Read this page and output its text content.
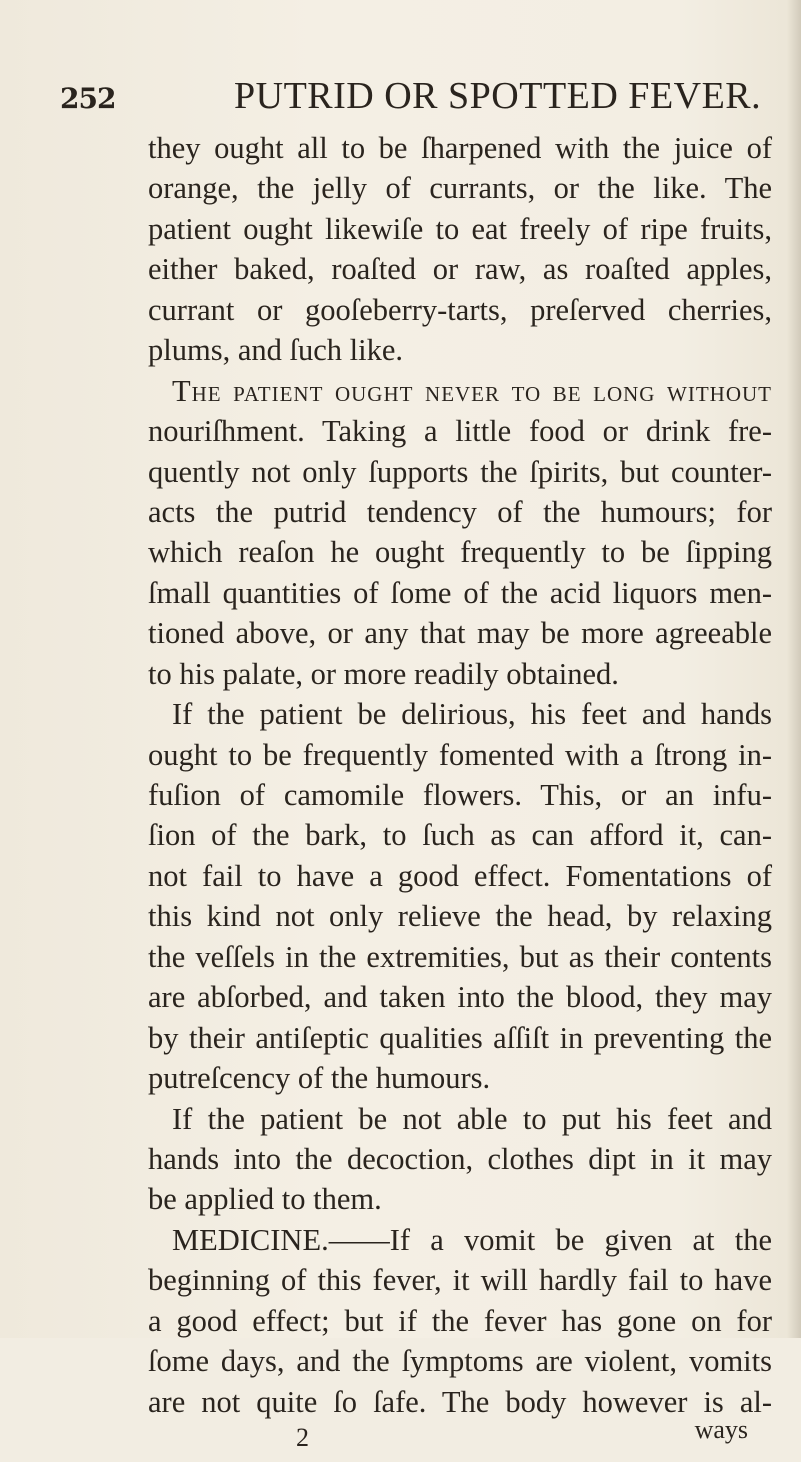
252	PUTRID OR SPOTTED FEVER.
they ought all to be ſharpened with the juice of
orange, the jelly of currants, or the like. The
patient ought likewiſe to eat freely of ripe fruits,
either baked, roaſted or raw, as roaſted apples,
currant or gooſeberry-tarts, preſerved cherries,
plums, and ſuch like.
The patient ought never to be long without
nouriſhment. Taking a little food or drink fre-
quently not only ſupports the ſpirits, but counter-
acts the putrid tendency of the humours; for
which reaſon he ought frequently to be ſipping
ſmall quantities of ſome of the acid liquors men-
tioned above, or any that may be more agreeable
to his palate, or more readily obtained.
If the patient be delirious, his feet and hands
ought to be frequently fomented with a ſtrong in-
fuſion of camomile flowers. This, or an infu-
ſion of the bark, to ſuch as can afford it, can-
not fail to have a good effect. Fomentations of
this kind not only relieve the head, by relaxing
the veſſels in the extremities, but as their contents
are abſorbed, and taken into the blood, they may
by their antiſeptic qualities aſſiſt in preventing the
putreſcency of the humours.
If the patient be not able to put his feet and
hands into the decoction, clothes dipt in it may
be applied to them.
MEDICINE.——If a vomit be given at the
beginning of this fever, it will hardly fail to have
a good effect; but if the fever has gone on for
ſome days, and the ſymptoms are violent, vomits
are not quite ſo ſafe. The body however is al-
2	ways
